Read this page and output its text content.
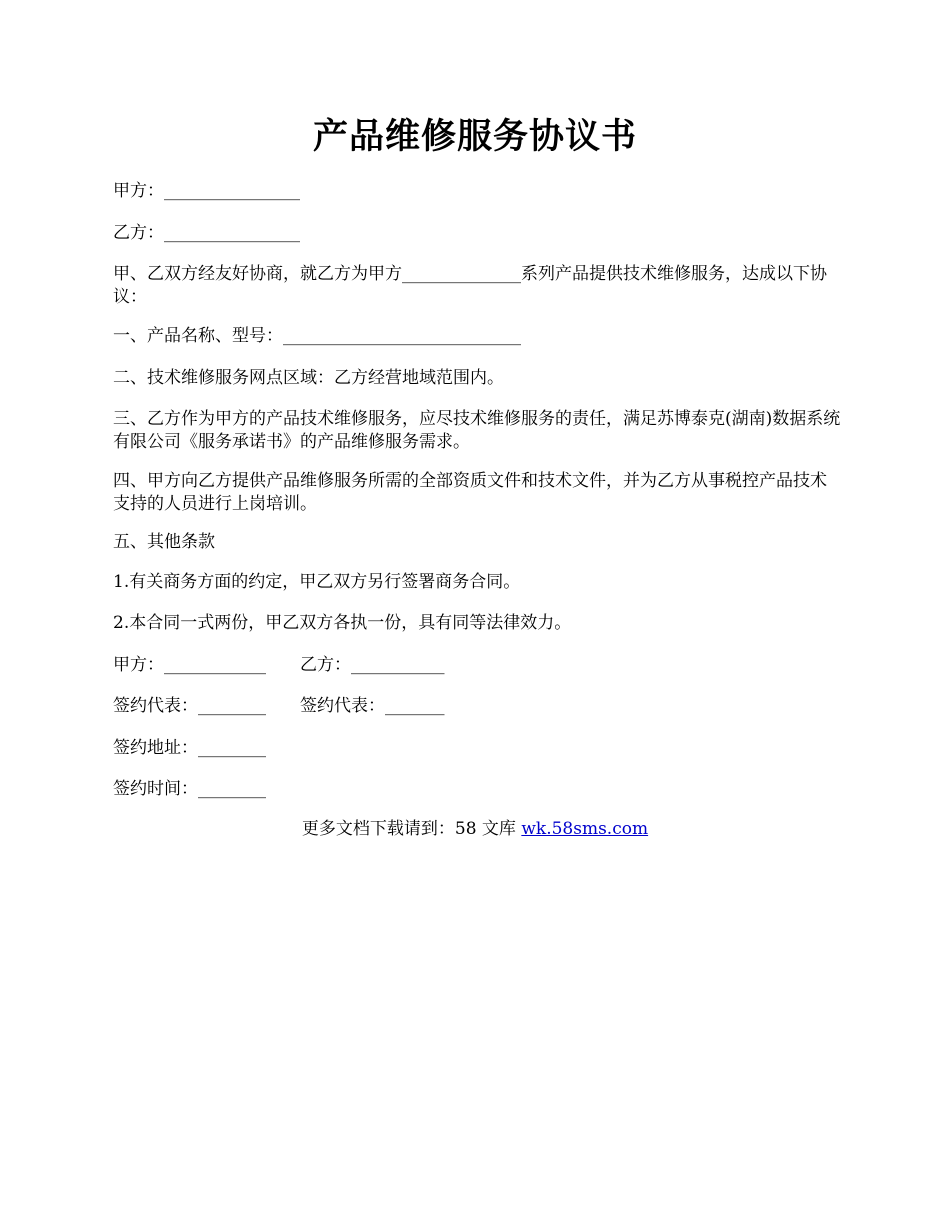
产品维修服务协议书
甲方：________________
乙方：________________
甲、乙双方经友好协商，就乙方为甲方______________系列产品提供技术维修服务，达成以下协议：
一、产品名称、型号：____________________________
二、技术维修服务网点区域：乙方经营地域范围内。
三、乙方作为甲方的产品技术维修服务，应尽技术维修服务的责任，满足苏博泰克(湖南)数据系统有限公司《服务承诺书》的产品维修服务需求。
四、甲方向乙方提供产品维修服务所需的全部资质文件和技术文件，并为乙方从事税控产品技术支持的人员进行上岗培训。
五、其他条款
1.有关商务方面的约定，甲乙双方另行签署商务合同。
2.本合同一式两份，甲乙双方各执一份，具有同等法律效力。
甲方：____________	乙方：___________
签约代表：________	签约代表：_______
签约地址：________
签约时间：________
更多文档下载请到：58 文库 wk.58sms.com
